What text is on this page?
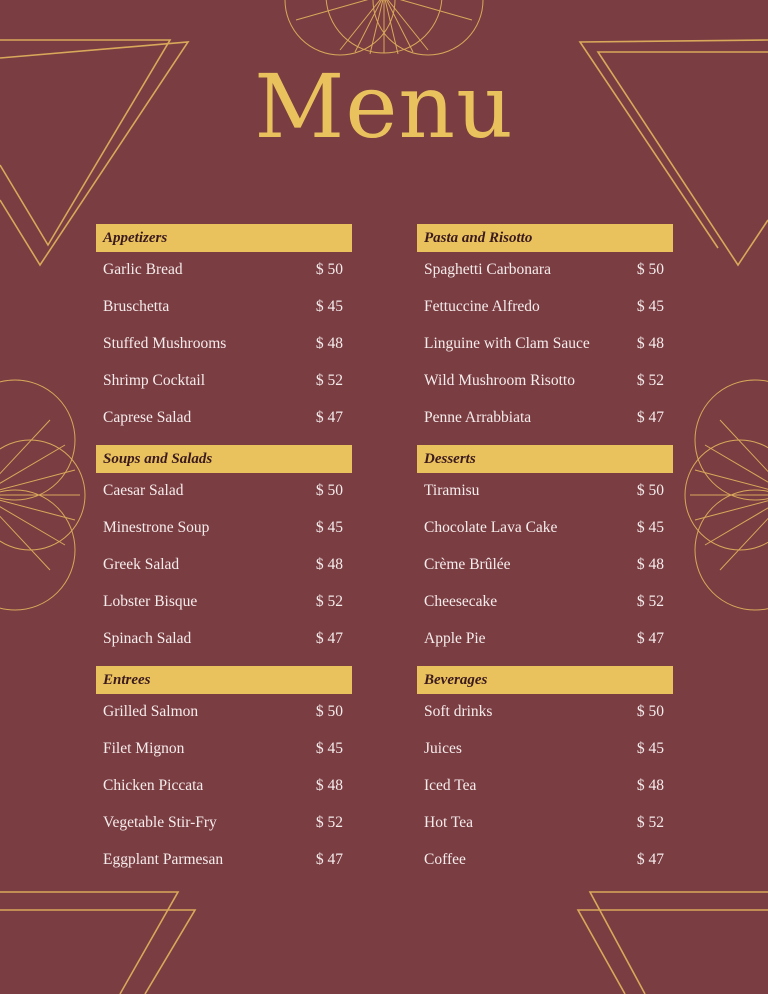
Menu
Appetizers
Garlic Bread	$ 50
Bruschetta	$ 45
Stuffed Mushrooms	$ 48
Shrimp Cocktail	$ 52
Caprese Salad	$ 47
Soups and Salads
Caesar Salad	$ 50
Minestrone Soup	$ 45
Greek Salad	$ 48
Lobster Bisque	$ 52
Spinach Salad	$ 47
Entrees
Grilled Salmon	$ 50
Filet Mignon	$ 45
Chicken Piccata	$ 48
Vegetable Stir-Fry	$ 52
Eggplant Parmesan	$ 47
Pasta and Risotto
Spaghetti Carbonara	$ 50
Fettuccine Alfredo	$ 45
Linguine with Clam Sauce	$ 48
Wild Mushroom Risotto	$ 52
Penne Arrabbiata	$ 47
Desserts
Tiramisu	$ 50
Chocolate Lava Cake	$ 45
Crème Brûlée	$ 48
Cheesecake	$ 52
Apple Pie	$ 47
Beverages
Soft drinks	$ 50
Juices	$ 45
Iced Tea	$ 48
Hot Tea	$ 52
Coffee	$ 47
